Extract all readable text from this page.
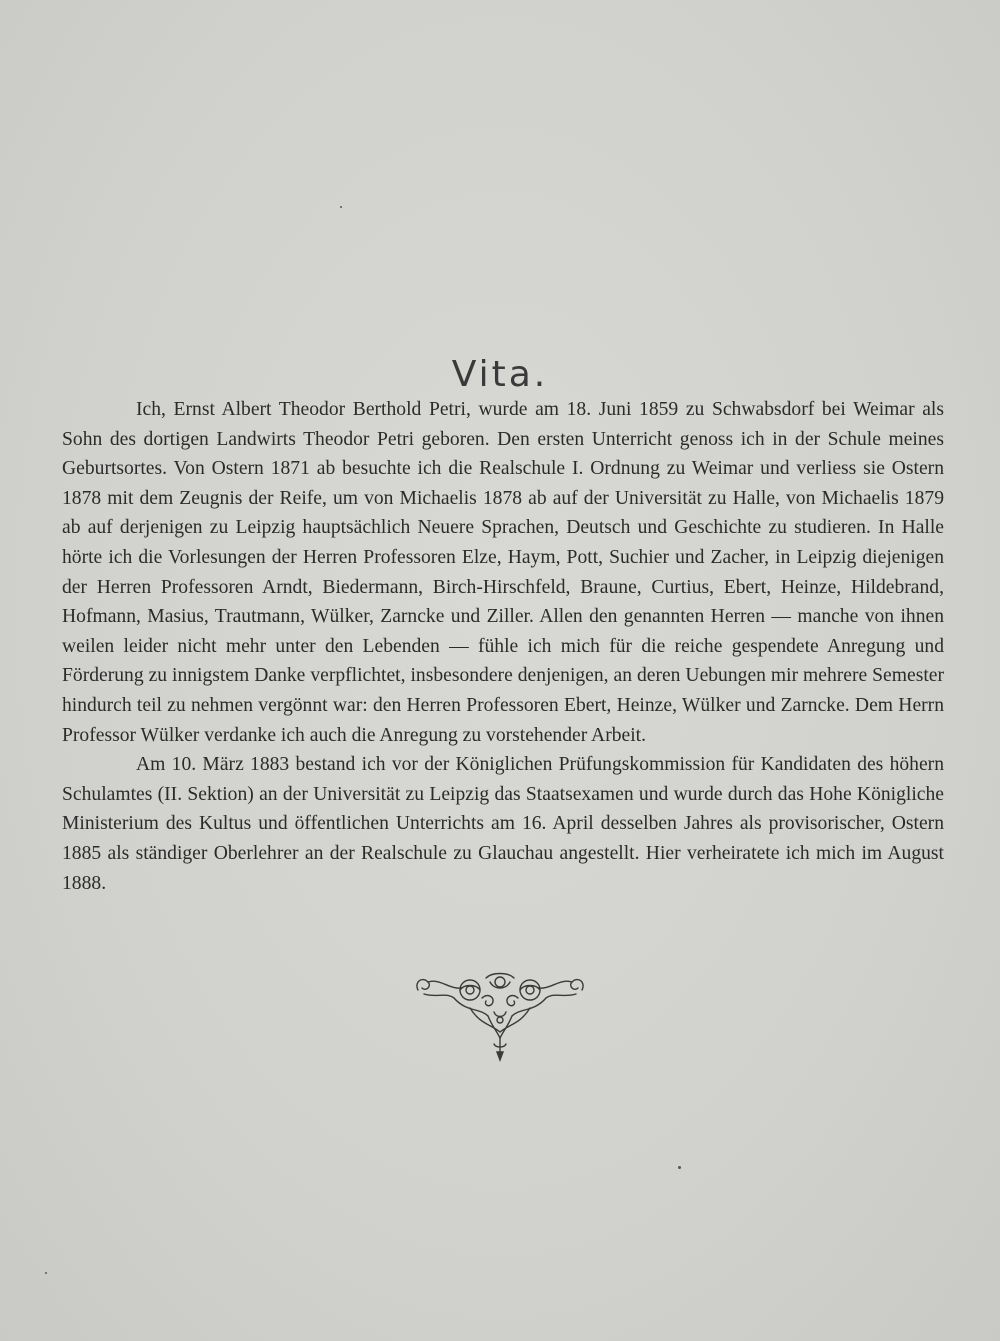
Vita.

Ich, Ernst Albert Theodor Berthold Petri, wurde am 18. Juni 1859 zu Schwabsdorf bei Weimar als Sohn des dortigen Landwirts Theodor Petri geboren. Den ersten Unterricht genoss ich in der Schule meines Geburtsortes. Von Ostern 1871 ab besuchte ich die Realschule I. Ordnung zu Weimar und verliess sie Ostern 1878 mit dem Zeugnis der Reife, um von Michaelis 1878 ab auf der Universität zu Halle, von Michaelis 1879 ab auf derjenigen zu Leipzig hauptsächlich Neuere Sprachen, Deutsch und Geschichte zu studieren. In Halle hörte ich die Vorlesungen der Herren Professoren Elze, Haym, Pott, Suchier und Zacher, in Leipzig diejenigen der Herren Professoren Arndt, Biedermann, Birch-Hirschfeld, Braune, Curtius, Ebert, Heinze, Hildebrand, Hofmann, Masius, Trautmann, Wülker, Zarncke und Ziller. Allen den genannten Herren — manche von ihnen weilen leider nicht mehr unter den Lebenden — fühle ich mich für die reiche gespendete Anregung und Förderung zu innigstem Danke verpflichtet, insbesondere denjenigen, an deren Uebungen mir mehrere Semester hindurch teil zu nehmen vergönnt war: den Herren Professoren Ebert, Heinze, Wülker und Zarncke. Dem Herrn Professor Wülker verdanke ich auch die Anregung zu vorstehender Arbeit.

Am 10. März 1883 bestand ich vor der Königlichen Prüfungskommission für Kandidaten des höhern Schulamtes (II. Sektion) an der Universität zu Leipzig das Staatsexamen und wurde durch das Hohe Königliche Ministerium des Kultus und öffentlichen Unterrichts am 16. April desselben Jahres als provisorischer, Ostern 1885 als ständiger Oberlehrer an der Realschule zu Glauchau angestellt. Hier verheiratete ich mich im August 1888.
